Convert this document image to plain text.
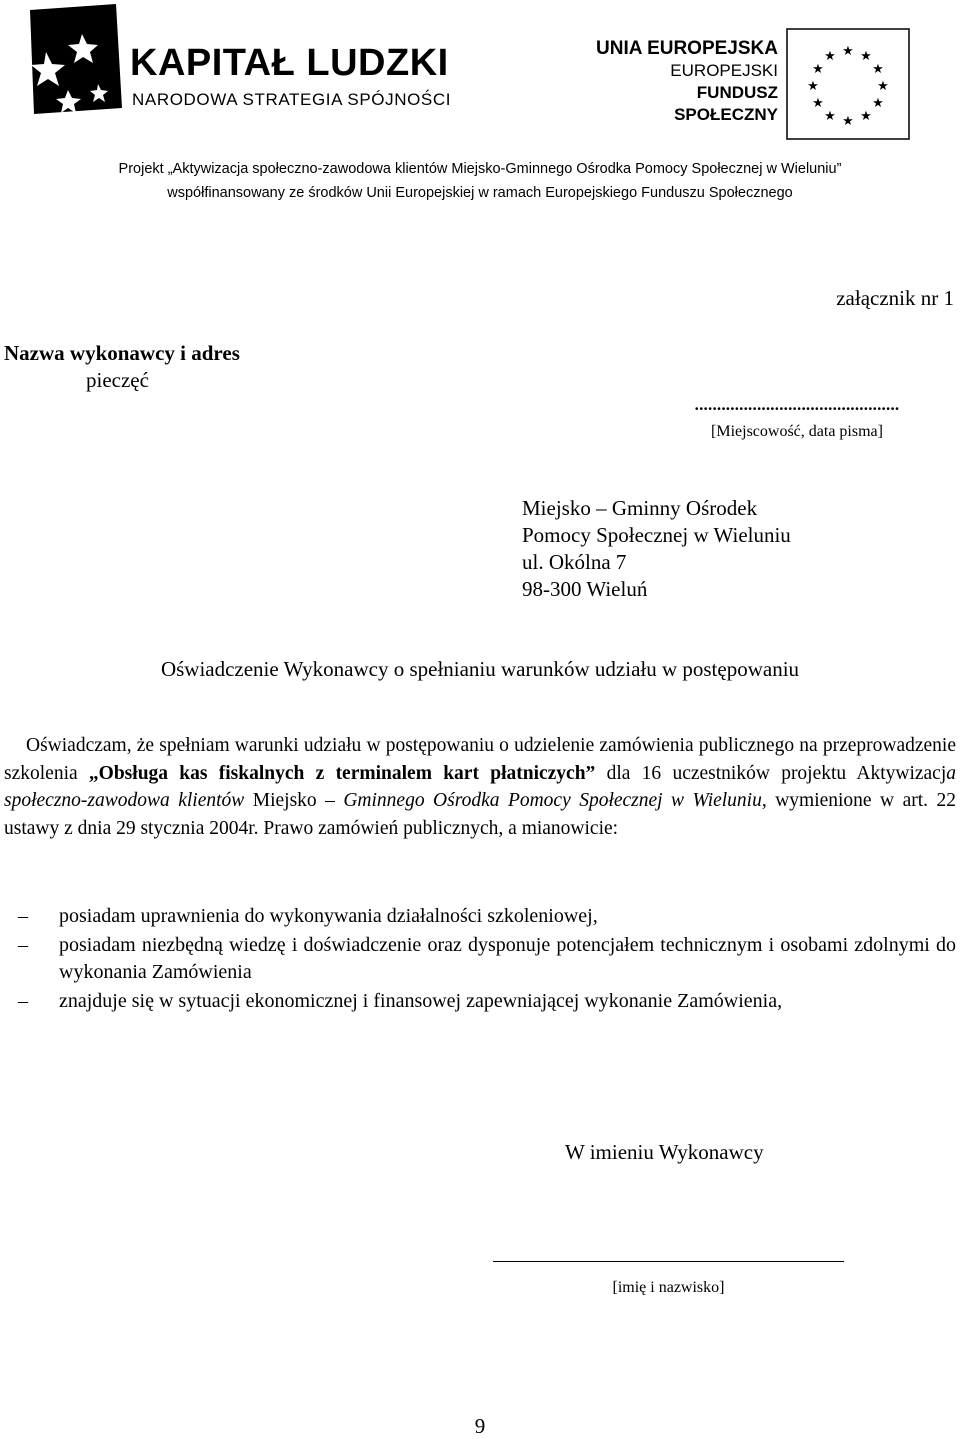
KAPITAŁ LUDZKI
NARODOWA STRATEGIA SPÓJNOŚCI
UNIA EUROPEJSKA
EUROPEJSKI
FUNDUSZ SPOŁECZNY
★ ★
★
★
★
★
★
★
★
★
★
★
Projekt „Aktywizacja społeczno-zawodowa klientów Miejsko-Gminnego Ośrodka Pomocy Społecznej w Wieluniu”
współfinansowany ze środków Unii Europejskiej w ramach Europejskiego Funduszu Społecznego
załącznik nr 1
Nazwa wykonawcy i adres
pieczęć
..............................................
[Miejscowość, data pisma]
Miejsko – Gminny Ośrodek
Pomocy Społecznej w Wieluniu
ul. Okólna 7
98-300 Wieluń
Oświadczenie Wykonawcy o spełnianiu warunków udziału w postępowaniu
Oświadczam, że spełniam warunki udziału w postępowaniu o udzielenie zamówienia publicznego na przeprowadzenie szkolenia „Obsługa kas fiskalnych z terminalem kart płatniczych” dla 16 uczestników projektu Aktywizacja społeczno-zawodowa klientów Miejsko – Gminnego Ośrodka Pomocy Społecznej w Wieluniu, wymienione w art. 22 ustawy z dnia 29 stycznia 2004r. Prawo zamówień publicznych, a mianowicie:
– posiadam uprawnienia do wykonywania działalności szkoleniowej,
– posiadam niezbędną wiedzę i doświadczenie oraz dysponuje potencjałem technicznym i osobami zdolnymi do wykonania Zamówienia
– znajduje się w sytuacji ekonomicznej i finansowej zapewniającej wykonanie Zamówienia,
W imieniu Wykonawcy
[imię i nazwisko]
9
